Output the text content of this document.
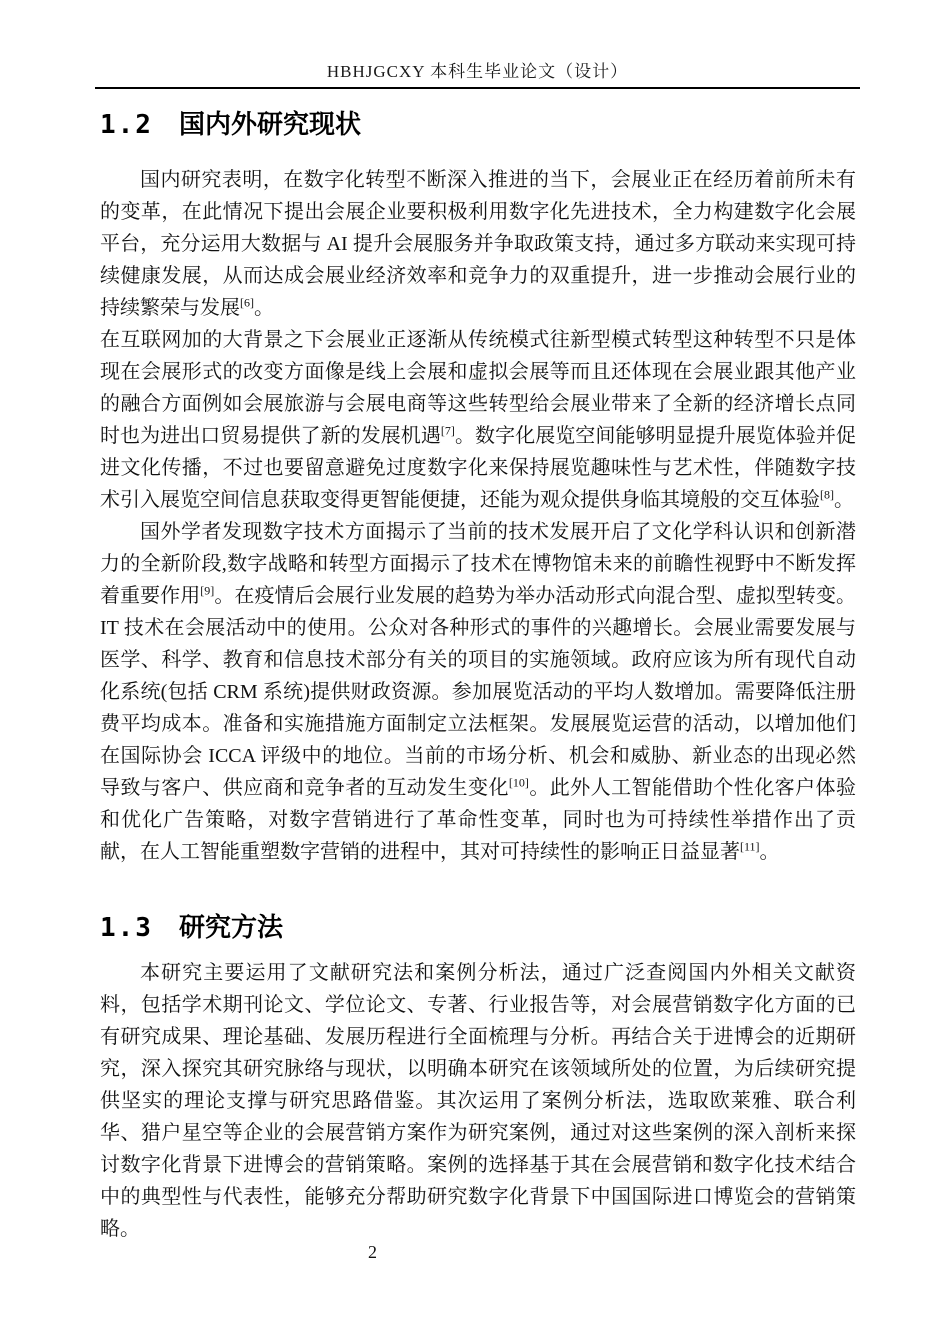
HBHJGCXY 本科生毕业论文（设计）
1.2 国内外研究现状

国内研究表明，在数字化转型不断深入推进的当下，会展业正在经历着前所未有的变革，在此情况下提出会展企业要积极利用数字化先进技术，全力构建数字化会展平台，充分运用大数据与 AI 提升会展服务并争取政策支持，通过多方联动来实现可持续健康发展，从而达成会展业经济效率和竞争力的双重提升，进一步推动会展行业的持续繁荣与发展[6]。

在互联网加的大背景之下会展业正逐渐从传统模式往新型模式转型这种转型不只是体现在会展形式的改变方面像是线上会展和虚拟会展等而且还体现在会展业跟其他产业的融合方面例如会展旅游与会展电商等这些转型给会展业带来了全新的经济增长点同时也为进出口贸易提供了新的发展机遇[7]。数字化展览空间能够明显提升展览体验并促进文化传播，不过也要留意避免过度数字化来保持展览趣味性与艺术性，伴随数字技术引入展览空间信息获取变得更智能便捷，还能为观众提供身临其境般的交互体验[8]。

国外学者发现数字技术方面揭示了当前的技术发展开启了文化学科认识和创新潜力的全新阶段,数字战略和转型方面揭示了技术在博物馆未来的前瞻性视野中不断发挥着重要作用[9]。在疫情后会展行业发展的趋势为举办活动形式向混合型、虚拟型转变。 IT 技术在会展活动中的使用。公众对各种形式的事件的兴趣增长。会展业需要发展与医学、科学、教育和信息技术部分有关的项目的实施领域。政府应该为所有现代自动化系统(包括 CRM 系统)提供财政资源。参加展览活动的平均人数增加。需要降低注册费平均成本。准备和实施措施方面制定立法框架。发展展览运营的活动，以增加他们在国际协会 ICCA 评级中的地位。当前的市场分析、机会和威胁、新业态的出现必然导致与客户、供应商和竞争者的互动发生变化[10]。此外人工智能借助个性化客户体验和优化广告策略，对数字营销进行了革命性变革，同时也为可持续性举措作出了贡献，在人工智能重塑数字营销的进程中，其对可持续性的影响正日益显著[11]。

1.3 研究方法

本研究主要运用了文献研究法和案例分析法，通过广泛查阅国内外相关文献资料，包括学术期刊论文、学位论文、专著、行业报告等，对会展营销数字化方面的已有研究成果、理论基础、发展历程进行全面梳理与分析。再结合关于进博会的近期研究，深入探究其研究脉络与现状，以明确本研究在该领域所处的位置，为后续研究提供坚实的理论支撑与研究思路借鉴。其次运用了案例分析法，选取欧莱雅、联合利华、猎户星空等企业的会展营销方案作为研究案例，通过对这些案例的深入剖析来探讨数字化背景下进博会的营销策略。案例的选择基于其在会展营销和数字化技术结合中的典型性与代表性，能够充分帮助研究数字化背景下中国国际进口博览会的营销策略。

2
